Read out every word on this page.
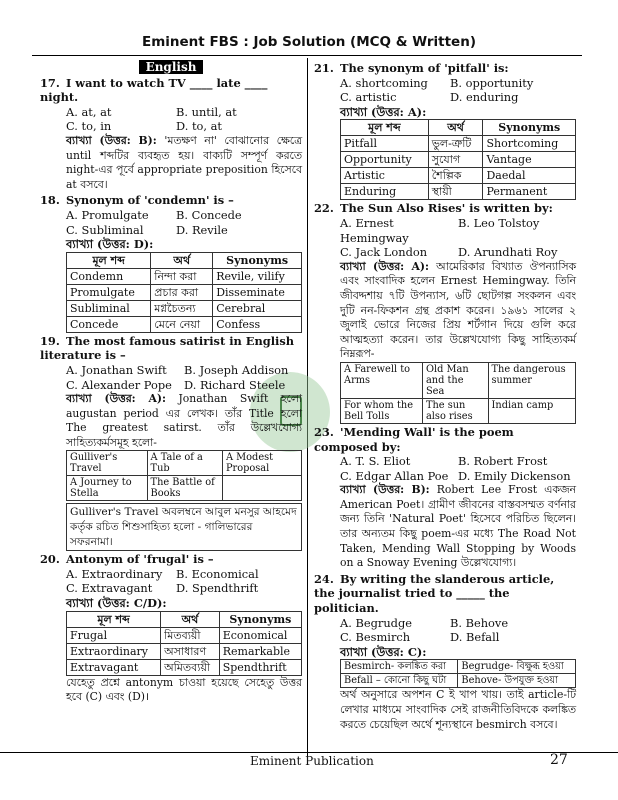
Eminent FBS : Job Solution (MCQ & Written)
English
17. I want to watch TV ____ late ____ night.
A. at, at	B. until, at
C. to, in	D. to, at
ব্যাখ্যা (উত্তর: B): 'মতক্ষণ না' বোঝানোর ক্ষেত্রে until শব্দটির ব্যবহৃত হয়। বাক্যটি সম্পূর্ণ করতে night-এর পূর্বে appropriate preposition হিসেবে at বসবে।
18. Synonym of 'condemn' is –
A. Promulgate	B. Concede
C. Subliminal	D. Revile
ব্যাখ্যা (উত্তর: D):
মূল শব্দ	অর্থ	Synonyms
Condemn	নিন্দা করা	Revile, vilify
Promulgate	প্রচার করা	Disseminate
Subliminal	মগ্নচৈতন্য	Cerebral
Concede	মেনে নেয়া	Confess
19. The most famous satirist in English literature is –
A. Jonathan Swift	B. Joseph Addison
C. Alexander Pope	D. Richard Steele
ব্যাখ্যা (উত্তর: A): Jonathan Swift হলো augustan period এর লেখক। তাঁর Title হলো The greatest satirst. তাঁর উল্লেখযোগ্য সাহিত্যকর্মসমূহ হলো-
Gulliver's Travel	A Tale of a Tub	A Modest Proposal
A Journey to Stella	The Battle of Books	
Gulliver's Travel অবলম্বনে আবুল মনসুর আহমেদ কর্তৃক রচিত শিশুসাহিত্য হলো - গালিভারের সফরনামা।
20. Antonym of 'frugal' is –
A. Extraordinary	B. Economical
C. Extravagant	D. Spendthrift
ব্যাখ্যা (উত্তর: C/D):
মূল শব্দ	অর্থ	Synonyms
Frugal	মিতব্যয়ী	Economical
Extraordinary	অসাধারণ	Remarkable
Extravagant	অমিতব্যয়ী	Spendthrift
যেহেতু প্রশ্নে antonym চাওয়া হয়েছে সেহেতু উত্তর হবে (C) এবং (D)।
21. The synonym of 'pitfall' is:
A. shortcoming	B. opportunity
C. artistic	D. enduring
ব্যাখ্যা (উত্তর: A):
মূল শব্দ	অর্থ	Synonyms
Pitfall	ভুল-ত্রুটি	Shortcoming
Opportunity	সুযোগ	Vantage
Artistic	শৈল্পিক	Daedal
Enduring	স্থায়ী	Permanent
22. The Sun Also Rises' is written by:
A. Ernest Hemingway
B. Leo Tolstoy
C. Jack London	D. Arundhati Roy
ব্যাখ্যা (উত্তর: A): আমেরিকার বিখ্যাত ঔপন্যাসিক এবং সাংবাদিক হলেন Ernest Hemingway. তিনি জীবদ্দশায় ৭টি উপন্যাস, ৬টি ছোটগল্প সংকলন এবং দুটি নন-ফিকশন গ্রন্থ প্রকাশ করেন। ১৯৬১ সালের ২ জুলাই ভোরে নিজের প্রিয় শর্টগান দিয়ে গুলি করে আত্মহত্যা করেন। তার উল্লেখযোগ্য কিছু সাহিত্যকর্ম নিম্নরূপ-
A Farewell to Arms	Old Man and the Sea	The dangerous summer
For whom the Bell Tolls	The sun also rises	Indian camp
23. 'Mending Wall' is the poem composed by:
A. T. S. Eliot	B. Robert Frost
C. Edgar Allan Poe D. Emily Dickenson
ব্যাখ্যা (উত্তর: B): Robert Lee Frost একজন American Poet। গ্রামীণ জীবনের বাস্তবসম্মত বর্ণনার জন্য তিনি 'Natural Poet' হিসেবে পরিচিত ছিলেন। তার অন্যতম কিছু poem-এর মধ্যে The Road Not Taken, Mending Wall Stopping by Woods on a Snoway Evening উল্লেখযোগ্য।
24. By writing the slanderous article, the journalist tried to _____ the politician.
A. Begrudge	B. Behove
C. Besmirch	D. Befall
ব্যাখ্যা (উত্তর: C):
Besmirch- কলঙ্কিত করা	Begrudge- বিক্ষুব্ধ হওয়া
Befall – কোনো কিছু ঘটা	Behove- উপযুক্ত হওয়া
অর্থ অনুসারে অপশন C ই খাপ খায়। তাই article-টি লেখার মাধ্যমে সাংবাদিক সেই রাজনীতিবিদকে কলঙ্কিত করতে চেয়েছিল অর্থে শূন্যস্থানে besmirch বসবে।
Eminent Publication	27
